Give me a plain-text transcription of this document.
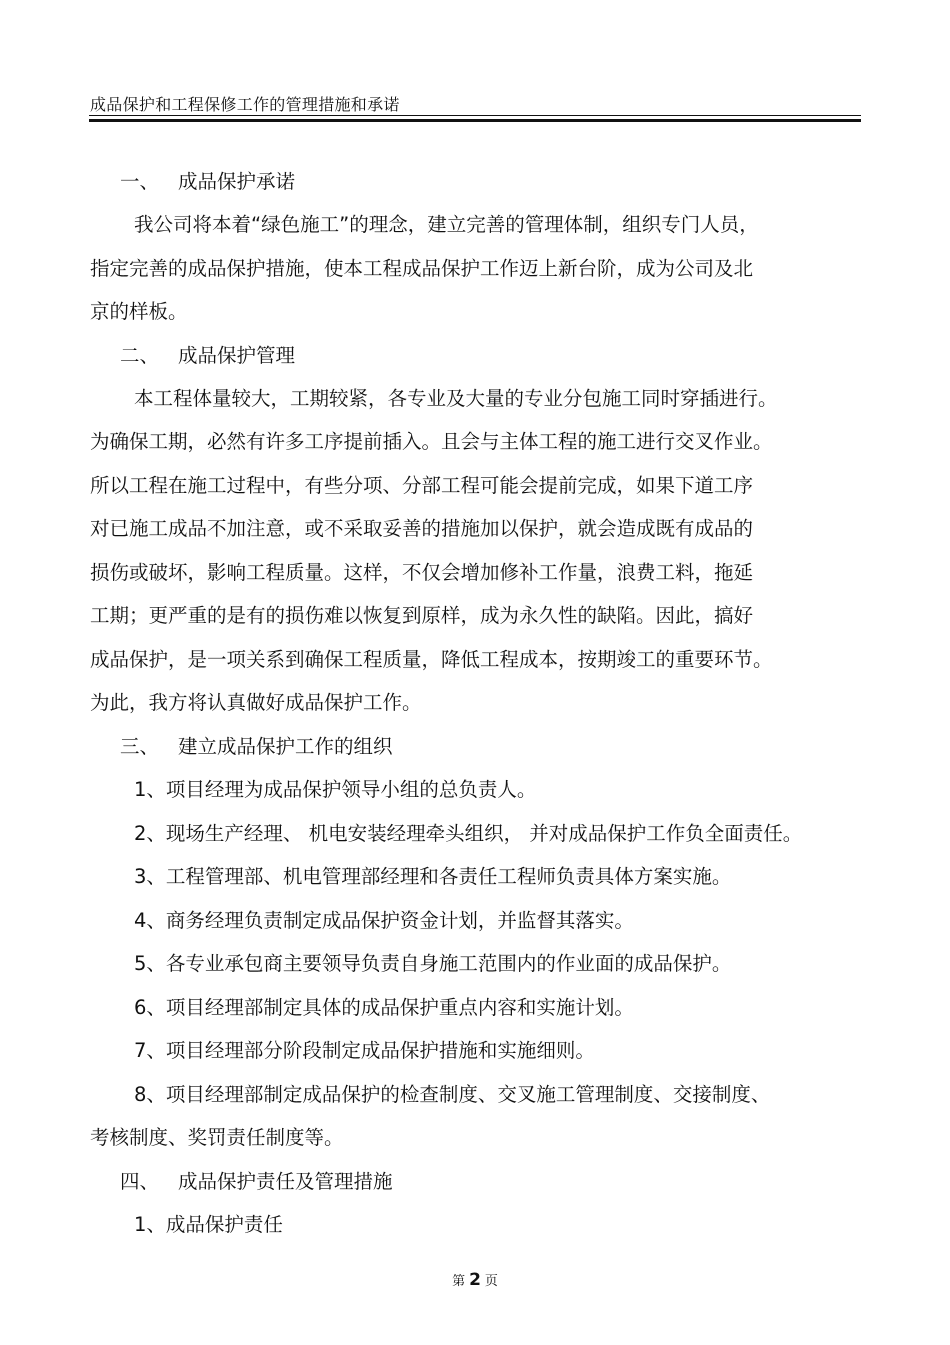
成品保护和工程保修工作的管理措施和承诺
一、 成品保护承诺
我公司将本着“绿色施工”的理念，建立完善的管理体制，组织专门人员，
指定完善的成品保护措施，使本工程成品保护工作迈上新台阶，成为公司及北
京的样板。
二、 成品保护管理
本工程体量较大，工期较紧，各专业及大量的专业分包施工同时穿插进行。
为确保工期，必然有许多工序提前插入。且会与主体工程的施工进行交叉作业。
所以工程在施工过程中，有些分项、分部工程可能会提前完成，如果下道工序
对已施工成品不加注意，或不采取妥善的措施加以保护，就会造成既有成品的
损伤或破坏，影响工程质量。这样，不仅会增加修补工作量，浪费工料，拖延
工期；更严重的是有的损伤难以恢复到原样，成为永久性的缺陷。因此，搞好
成品保护，是一项关系到确保工程质量，降低工程成本，按期竣工的重要环节。
为此，我方将认真做好成品保护工作。
三、 建立成品保护工作的组织
1、项目经理为成品保护领导小组的总负责人。
2、现场生产经理、 机电安装经理牵头组织， 并对成品保护工作负全面责任。
3、工程管理部、机电管理部经理和各责任工程师负责具体方案实施。
4、商务经理负责制定成品保护资金计划，并监督其落实。
5、各专业承包商主要领导负责自身施工范围内的作业面的成品保护。
6、项目经理部制定具体的成品保护重点内容和实施计划。
7、项目经理部分阶段制定成品保护措施和实施细则。
8、项目经理部制定成品保护的检查制度、交叉施工管理制度、交接制度、
考核制度、奖罚责任制度等。
四、 成品保护责任及管理措施
1、成品保护责任
第 2 页
